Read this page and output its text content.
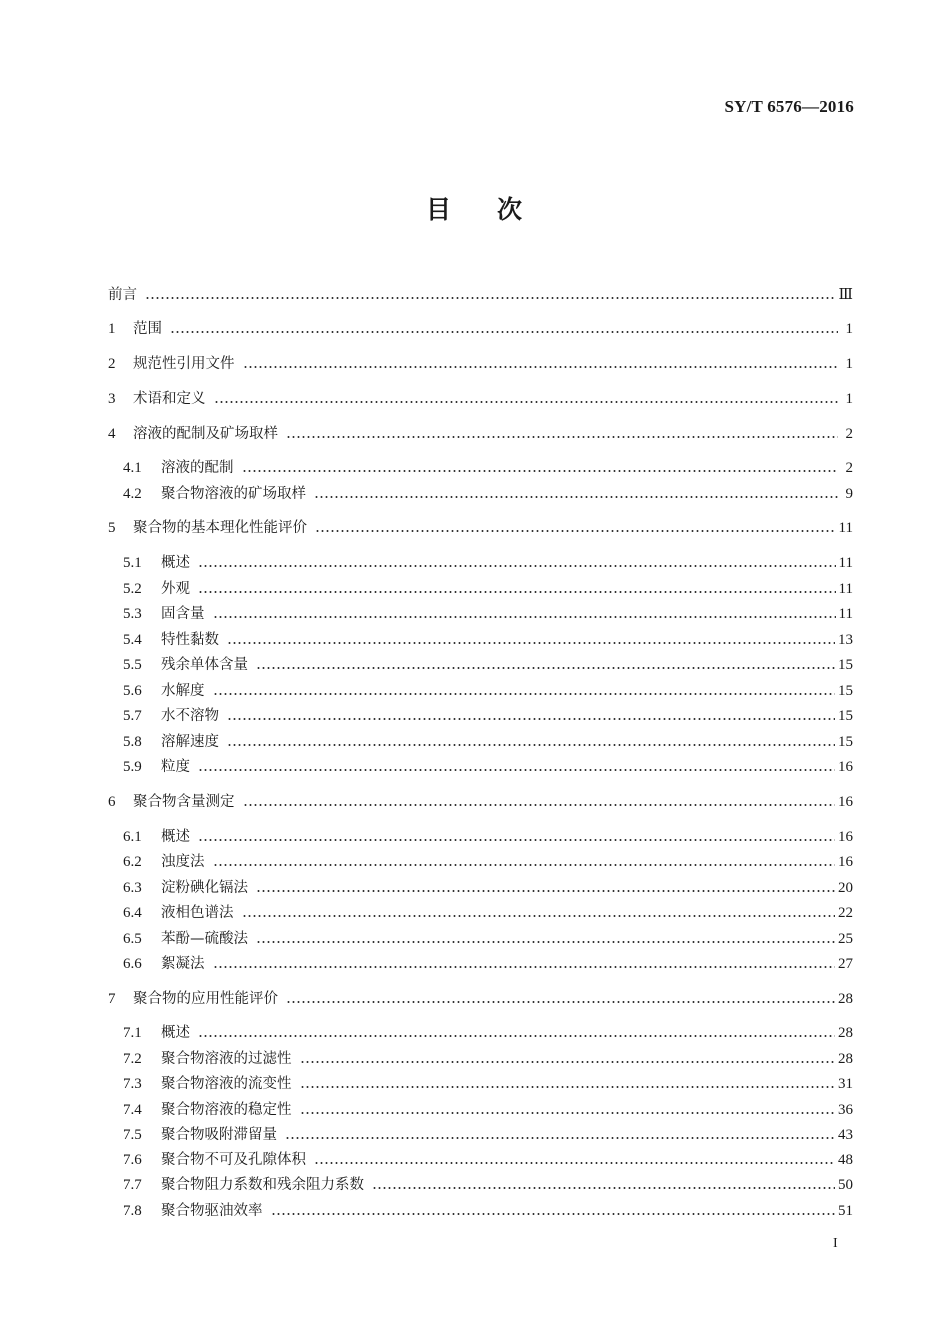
SY/T 6576—2016
目 次
前言	Ⅲ
1	范围	1
2	规范性引用文件	1
3	术语和定义	1
4	溶液的配制及矿场取样	2
4.1	溶液的配制	2
4.2	聚合物溶液的矿场取样	9
5	聚合物的基本理化性能评价	11
5.1	概述	11
5.2	外观	11
5.3	固含量	11
5.4	特性黏数	13
5.5	残余单体含量	15
5.6	水解度	15
5.7	水不溶物	15
5.8	溶解速度	15
5.9	粒度	16
6	聚合物含量测定	16
6.1	概述	16
6.2	浊度法	16
6.3	淀粉碘化镉法	20
6.4	液相色谱法	22
6.5	苯酚—硫酸法	25
6.6	絮凝法	27
7	聚合物的应用性能评价	28
7.1	概述	28
7.2	聚合物溶液的过滤性	28
7.3	聚合物溶液的流变性	31
7.4	聚合物溶液的稳定性	36
7.5	聚合物吸附滞留量	43
7.6	聚合物不可及孔隙体积	48
7.7	聚合物阻力系数和残余阻力系数	50
7.8	聚合物驱油效率	51
I
